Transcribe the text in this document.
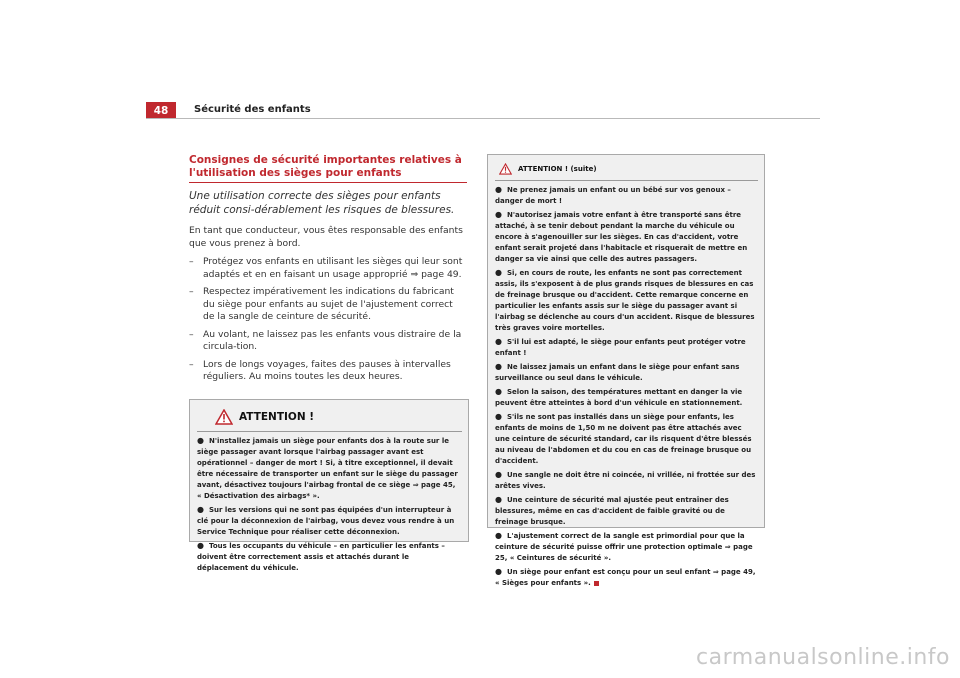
48	Sécurité des enfants
Consignes de sécurité importantes relatives à l'utilisation des sièges pour enfants

Une utilisation correcte des sièges pour enfants réduit consi-dérablement les risques de blessures.

En tant que conducteur, vous êtes responsable des enfants que vous prenez à bord.

– Protégez vos enfants en utilisant les sièges qui leur sont adaptés et en en faisant un usage approprié ⇒ page 49.
– Respectez impérativement les indications du fabricant du siège pour enfants au sujet de l'ajustement correct de la sangle de ceinture de sécurité.
– Au volant, ne laissez pas les enfants vous distraire de la circula-tion.
– Lors de longs voyages, faites des pauses à intervalles réguliers. Au moins toutes les deux heures.
ATTENTION !

● N'installez jamais un siège pour enfants dos à la route sur le siège passager avant lorsque l'airbag passager avant est opérationnel – danger de mort ! Si, à titre exceptionnel, il devait être nécessaire de transporter un enfant sur le siège du passager avant, désactivez toujours l'airbag frontal de ce siège ⇒ page 45, « Désactivation des airbags* ».

● Sur les versions qui ne sont pas équipées d'un interrupteur à clé pour la déconnexion de l'airbag, vous devez vous rendre à un Service Technique pour réaliser cette déconnexion.

● Tous les occupants du véhicule – en particulier les enfants – doivent être correctement assis et attachés durant le déplacement du véhicule.

ATTENTION ! (suite)

● Ne prenez jamais un enfant ou un bébé sur vos genoux – danger de mort !

● N'autorisez jamais votre enfant à être transporté sans être attaché, à se tenir debout pendant la marche du véhicule ou encore à s'agenouiller sur les sièges. En cas d'accident, votre enfant serait projeté dans l'habitacle et risquerait de mettre en danger sa vie ainsi que celle des autres passagers.

● Si, en cours de route, les enfants ne sont pas correctement assis, ils s'exposent à de plus grands risques de blessures en cas de freinage brusque ou d'accident. Cette remarque concerne en particulier les enfants assis sur le siège du passager avant si l'airbag se déclenche au cours d'un accident. Risque de blessures très graves voire mortelles.

● S'il lui est adapté, le siège pour enfants peut protéger votre enfant !

● Ne laissez jamais un enfant dans le siège pour enfant sans surveillance ou seul dans le véhicule.

● Selon la saison, des températures mettant en danger la vie peuvent être atteintes à bord d'un véhicule en stationnement.

● S'ils ne sont pas installés dans un siège pour enfants, les enfants de moins de 1,50 m ne doivent pas être attachés avec une ceinture de sécurité standard, car ils risquent d'être blessés au niveau de l'abdomen et du cou en cas de freinage brusque ou d'accident.

● Une sangle ne doit être ni coincée, ni vrillée, ni frottée sur des arêtes vives.

● Une ceinture de sécurité mal ajustée peut entraîner des blessures, même en cas d'accident de faible gravité ou de freinage brusque.

● L'ajustement correct de la sangle est primordial pour que la ceinture de sécurité puisse offrir une protection optimale ⇒ page 25, « Ceintures de sécurité ».

● Un siège pour enfant est conçu pour un seul enfant ⇒ page 49, « Sièges pour enfants ».

carmanualsonline.info
